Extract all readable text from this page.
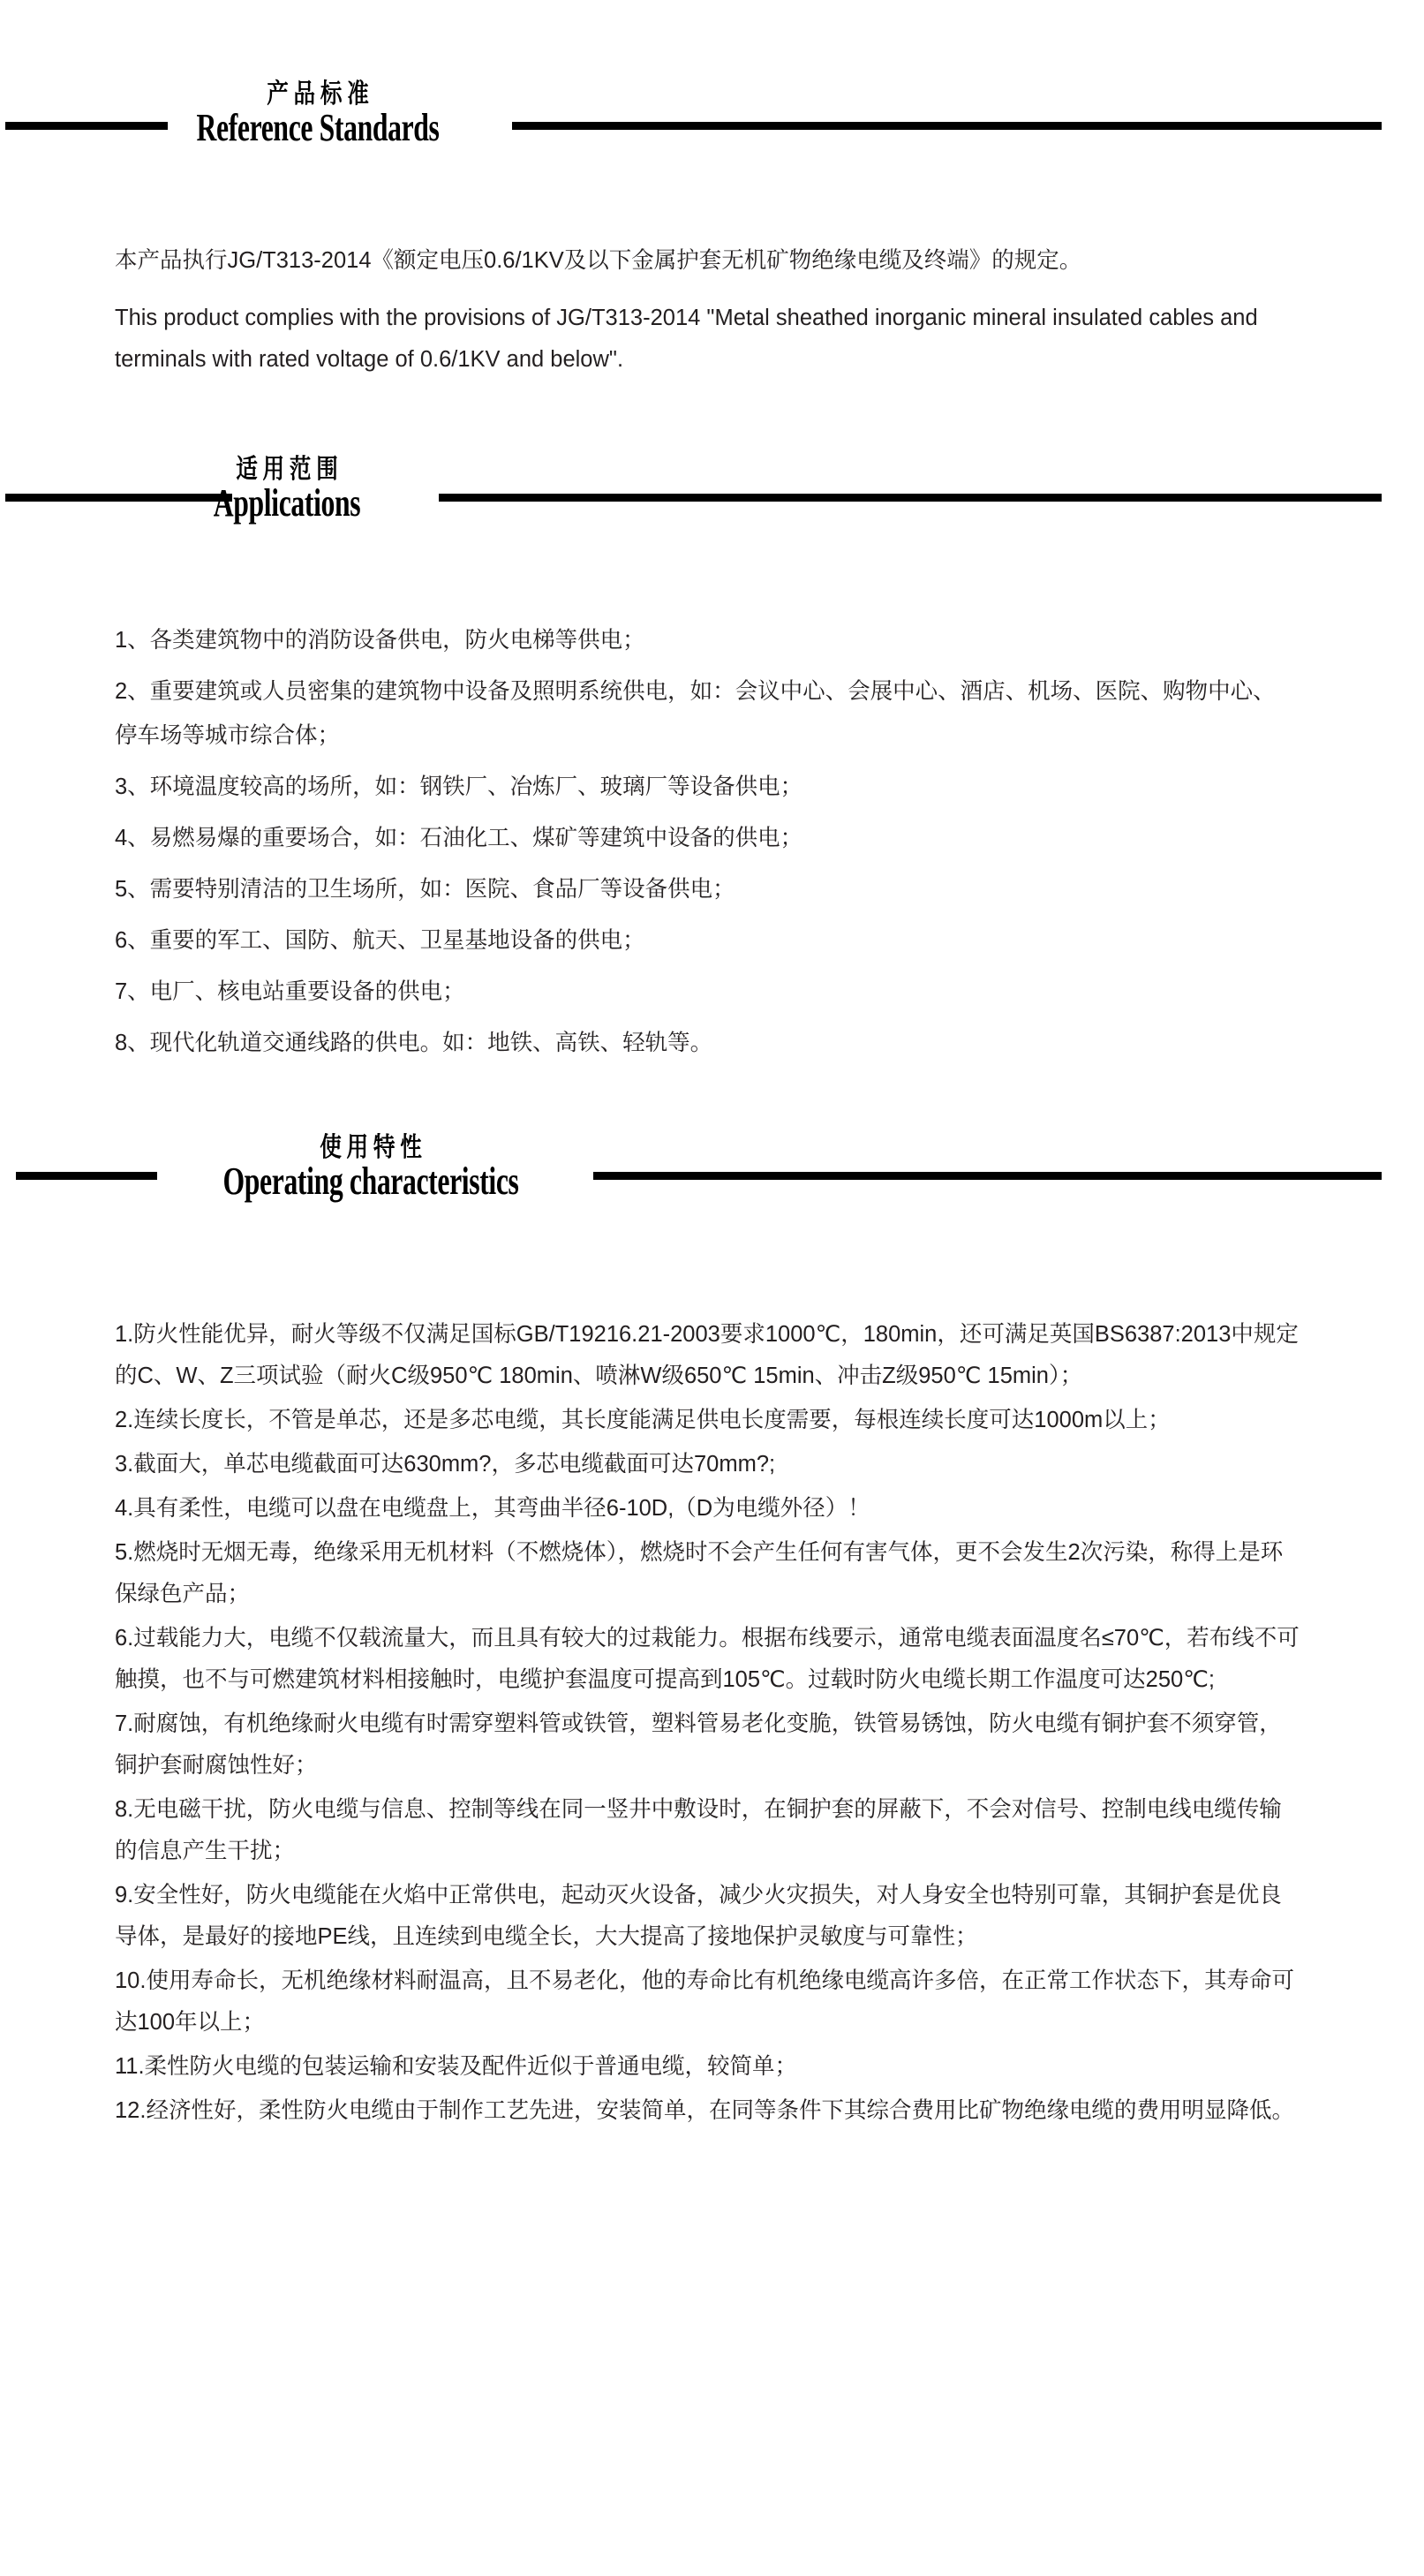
产品标准
Reference Standards

本产品执行JG/T313-2014《额定电压0.6/1KV及以下金属护套无机矿物绝缘电缆及终端》的规定。

This product complies with the provisions of JG/T313-2014 "Metal sheathed inorganic mineral insulated cables and terminals with rated voltage of 0.6/1KV and below".

适用范围
Applications

1、各类建筑物中的消防设备供电，防火电梯等供电；

2、重要建筑或人员密集的建筑物中设备及照明系统供电，如：会议中心、会展中心、酒店、机场、医院、购物中心、停车场等城市综合体；

3、环境温度较高的场所，如：钢铁厂、冶炼厂、玻璃厂等设备供电；

4、易燃易爆的重要场合，如：石油化工、煤矿等建筑中设备的供电；

5、需要特别清洁的卫生场所，如：医院、食品厂等设备供电；

6、重要的军工、国防、航天、卫星基地设备的供电；

7、电厂、核电站重要设备的供电；

8、现代化轨道交通线路的供电。如：地铁、高铁、轻轨等。

使用特性
Operating characteristics

1.防火性能优异，耐火等级不仅满足国标GB/T19216.21-2003要求1000℃，180min，还可满足英国BS6387:2013中规定的C、W、Z三项试验（耐火C级950℃ 180min、喷淋W级650℃ 15min、冲击Z级950℃ 15min）；

2.连续长度长，不管是单芯，还是多芯电缆，其长度能满足供电长度需要，每根连续长度可达1000m以上；

3.截面大，单芯电缆截面可达630mm?，多芯电缆截面可达70mm?;

4.具有柔性，电缆可以盘在电缆盘上，其弯曲半径6-10D,（D为电缆外径）！

5.燃烧时无烟无毒，绝缘采用无机材料（不燃烧体），燃烧时不会产生任何有害气体，更不会发生2次污染，称得上是环保绿色产品；

6.过载能力大，电缆不仅载流量大，而且具有较大的过栽能力。根据布线要示，通常电缆表面温度名≤70℃，若布线不可触摸，也不与可燃建筑材料相接触时，电缆护套温度可提高到105℃。过载时防火电缆长期工作温度可达250℃;

7.耐腐蚀，有机绝缘耐火电缆有时需穿塑料管或铁管，塑料管易老化变脆，铁管易锈蚀，防火电缆有铜护套不须穿管，铜护套耐腐蚀性好；

8.无电磁干扰，防火电缆与信息、控制等线在同一竖井中敷设时，在铜护套的屏蔽下，不会对信号、控制电线电缆传输的信息产生干扰；

9.安全性好，防火电缆能在火焰中正常供电，起动灭火设备，减少火灾损失，对人身安全也特别可靠，其铜护套是优良导体，是最好的接地PE线，且连续到电缆全长，大大提高了接地保护灵敏度与可靠性；

10.使用寿命长，无机绝缘材料耐温高，且不易老化，他的寿命比有机绝缘电缆高许多倍，在正常工作状态下，其寿命可达100年以上；

11.柔性防火电缆的包装运输和安装及配件近似于普通电缆，较简单；

12.经济性好，柔性防火电缆由于制作工艺先进，安装简单，在同等条件下其综合费用比矿物绝缘电缆的费用明显降低。
